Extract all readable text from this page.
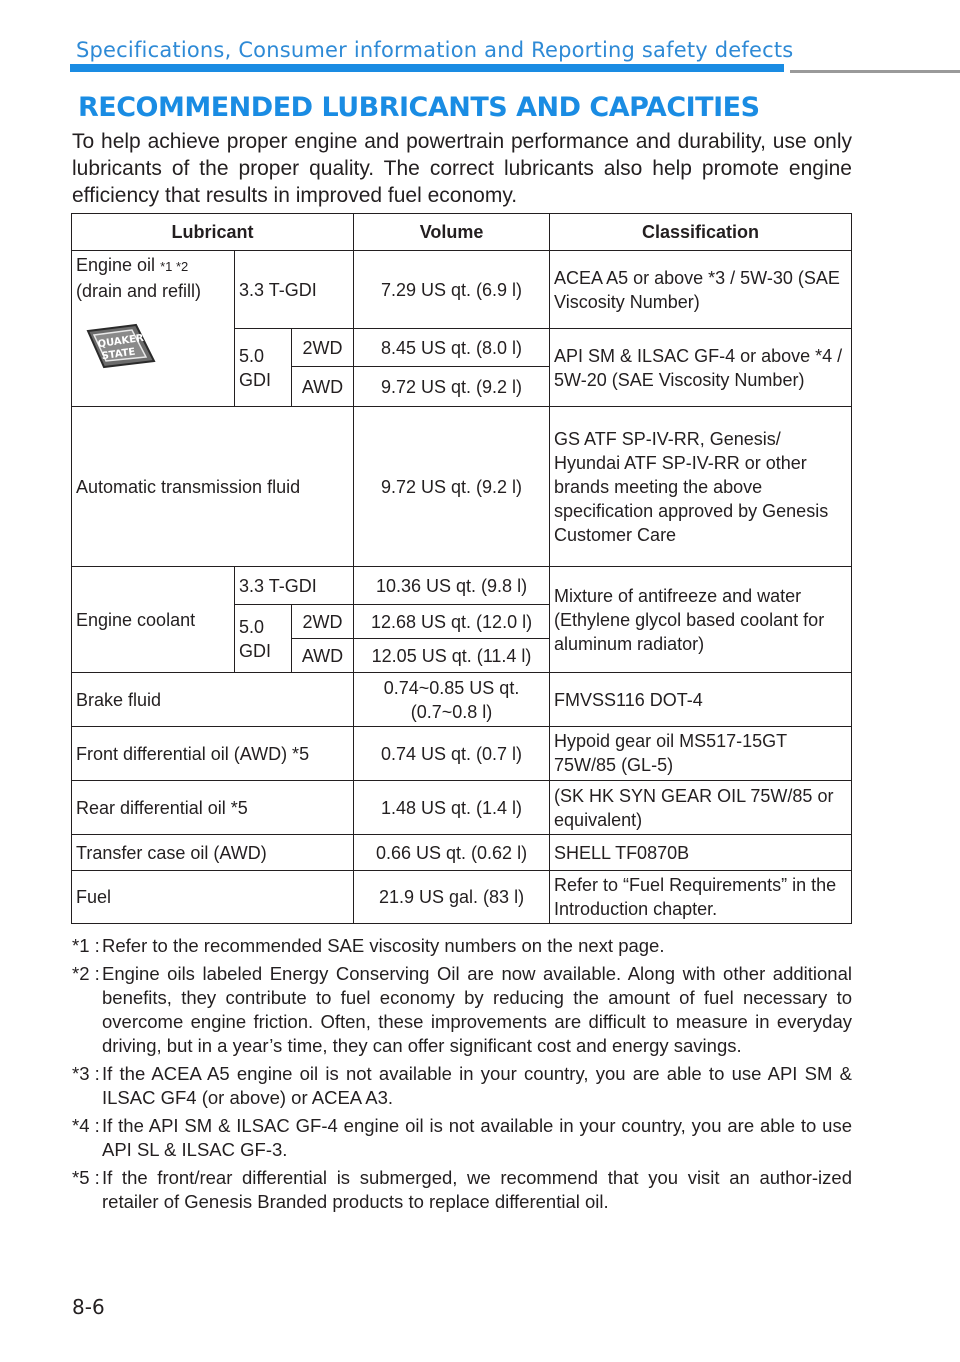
Specifications, Consumer information and Reporting safety defects
RECOMMENDED LUBRICANTS AND CAPACITIES
To help achieve proper engine and powertrain performance and durability, use only lubricants of the proper quality. The correct lubricants also help promote engine efficiency that results in improved fuel economy.
Lubricant			Volume	Classification

Engine oil *1 *2
(drain and refill)
QUAKER
STATE	3.3 T-GDI		7.29 US qt. (6.9 l)	ACEA A5 or above *3 / 5W-30 (SAE Viscosity Number)
	5.0 GDI	2WD	8.45 US qt. (8.0 l)	API SM & ILSAC GF-4 or above *4 / 5W-20 (SAE Viscosity Number)
		AWD	9.72 US qt. (9.2 l)	
Automatic transmission fluid			9.72 US qt. (9.2 l)	GS ATF SP-IV-RR, Genesis/ Hyundai ATF SP-IV-RR or other brands meeting the above specification approved by Genesis Customer Care
Engine coolant	3.3 T-GDI		10.36 US qt. (9.8 l)	Mixture of antifreeze and water (Ethylene glycol based coolant for aluminum radiator)
	5.0 GDI	2WD	12.68 US qt. (12.0 l)	
		AWD	12.05 US qt. (11.4 l)	
Brake fluid			0.74~0.85 US qt. (0.7~0.8 l)	FMVSS116 DOT-4
Front differential oil (AWD) *5			0.74 US qt. (0.7 l)	Hypoid gear oil MS517-15GT 75W/85 (GL-5)
Rear differential oil *5			1.48 US qt. (1.4 l)	(SK HK SYN GEAR OIL 75W/85 or equivalent)
Transfer case oil (AWD)			0.66 US qt. (0.62 l)	SHELL TF0870B
Fuel			21.9 US gal. (83 l)	Refer to “Fuel Requirements” in the Introduction chapter.
*1 : Refer to the recommended SAE viscosity numbers on the next page.
*2 : Engine oils labeled Energy Conserving Oil are now available. Along with other additional benefits, they contribute to fuel economy by reducing the amount of fuel necessary to overcome engine friction. Often, these improvements are difficult to measure in everyday driving, but in a year’s time, they can offer significant cost and energy savings.
*3 : If the ACEA A5 engine oil is not available in your country, you are able to use API SM & ILSAC GF4 (or above) or ACEA A3.
*4 : If the API SM & ILSAC GF-4 engine oil is not available in your country, you are able to use API SL & ILSAC GF-3.
*5 : If the front/rear differential is submerged, we recommend that you visit an author-ized retailer of Genesis Branded products to replace differential oil.
8-6
